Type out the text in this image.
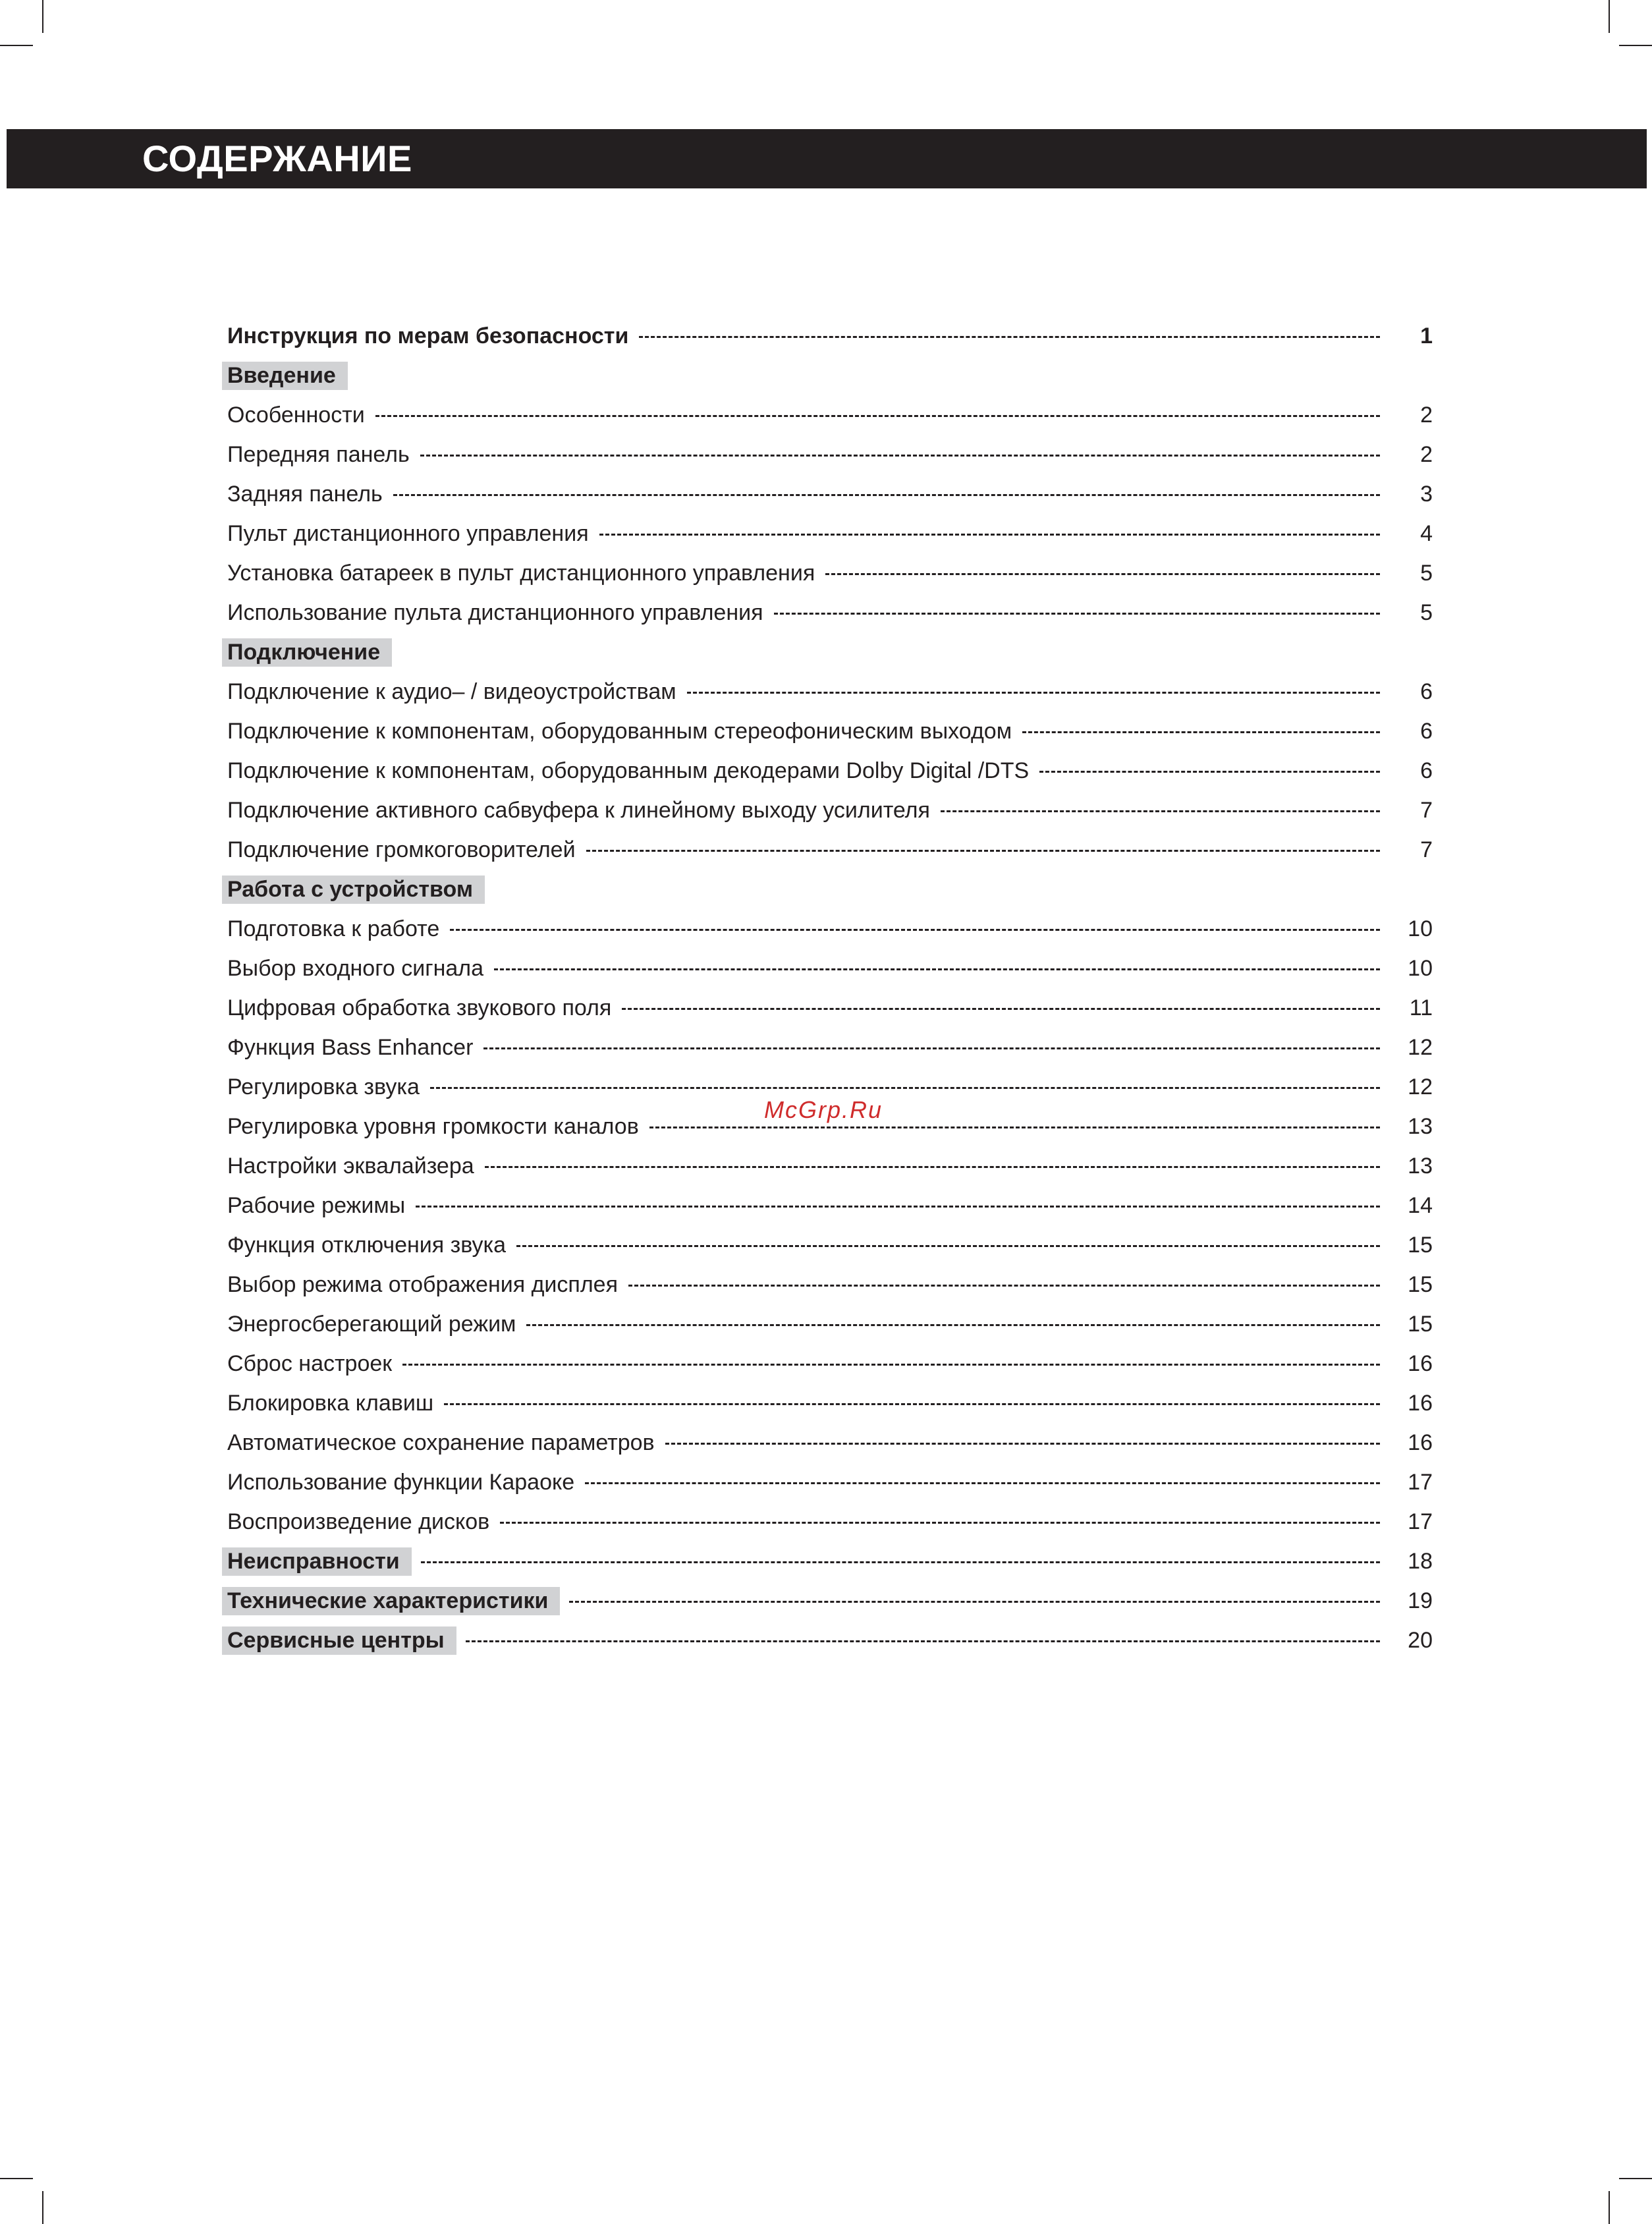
СОДЕРЖАНИЕ
Инструкция по мерам безопасности	1
Введение
Особенности	2
Передняя панель	2
Задняя панель	3
Пульт дистанционного управления	4
Установка батареек в пульт дистанционного управления	5
Использование пульта дистанционного управления	5
Подключение
Подключение к аудио– / видеоустройствам	6
Подключение к компонентам, оборудованным стереофоническим выходом	6
Подключение к компонентам, оборудованным декодерами Dolby Digital /DTS	6
Подключение активного сабвуфера к линейному выходу усилителя	7
Подключение громкоговорителей	7
Работа с устройством
Подготовка к работе	10
Выбор входного сигнала	10
Цифровая обработка звукового поля	11
Функция Bass Enhancer	12
Регулировка звука	12
Регулировка уровня громкости каналов	13
Настройки эквалайзера	13
Рабочие режимы	14
Функция отключения звука	15
Выбор режима отображения дисплея	15
Энергосберегающий режим	15
Сброс настроек	16
Блокировка клавиш	16
Автоматическое сохранение параметров	16
Использование функции Караоке	17
Воспроизведение дисков	17
Неисправности	18
Технические характеристики	19
Сервисные центры	20
McGrp.Ru
